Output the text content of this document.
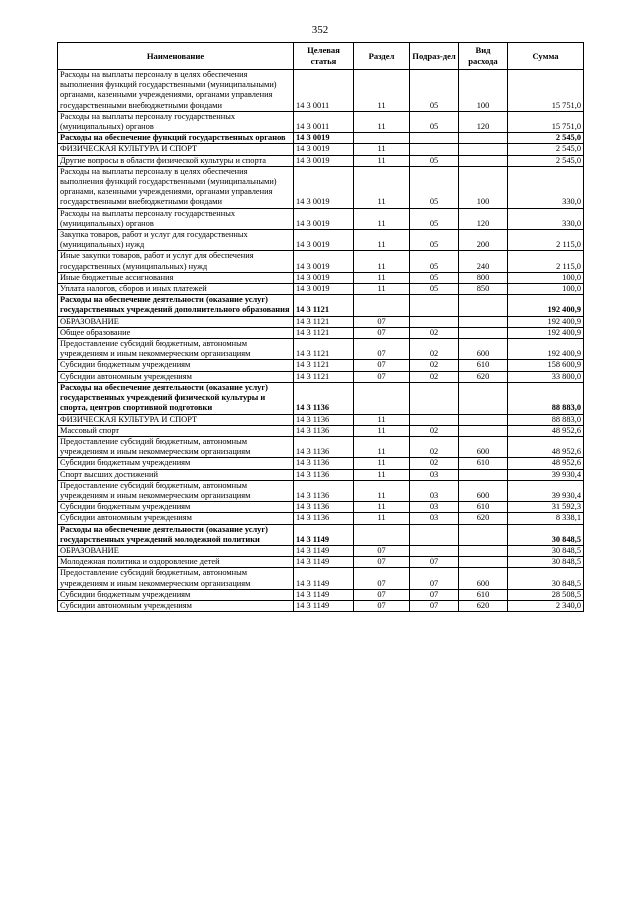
352
Наименование	Целевая статья	Раздел	Подраз-дел	Вид расхода	Сумма
Расходы на выплаты персоналу в целях обеспечения выполнения функций государственными (муниципальными) органами, казенными учреждениями, органами управления государственными внебюджетными фондами	14 3 0011	11	05	100	15 751,0
Расходы на выплаты персоналу государственных (муниципальных) органов	14 3 0011	11	05	120	15 751,0
Расходы на обеспечение функций государственных органов	14 3 0019				2 545,0
ФИЗИЧЕСКАЯ КУЛЬТУРА И СПОРТ	14 3 0019	11			2 545,0
Другие вопросы в области физической культуры и спорта	14 3 0019	11	05		2 545,0
Расходы на выплаты персоналу в целях обеспечения выполнения функций государственными (муниципальными) органами, казенными учреждениями, органами управления государственными внебюджетными фондами	14 3 0019	11	05	100	330,0
Расходы на выплаты персоналу государственных (муниципальных) органов	14 3 0019	11	05	120	330,0
Закупка товаров, работ и услуг для государственных (муниципальных) нужд	14 3 0019	11	05	200	2 115,0
Иные закупки товаров, работ и услуг для обеспечения государственных (муниципальных) нужд	14 3 0019	11	05	240	2 115,0
Иные бюджетные ассигнования	14 3 0019	11	05	800	100,0
Уплата налогов, сборов и иных платежей	14 3 0019	11	05	850	100,0
Расходы на обеспечение деятельности (оказание услуг) государственных учреждений дополнительного образования	14 3 1121				192 400,9
ОБРАЗОВАНИЕ	14 3 1121	07			192 400,9
Общее образование	14 3 1121	07	02		192 400,9
Предоставление субсидий бюджетным, автономным учреждениям и иным некоммерческим организациям	14 3 1121	07	02	600	192 400,9
Субсидии бюджетным учреждениям	14 3 1121	07	02	610	158 600,9
Субсидии автономным учреждениям	14 3 1121	07	02	620	33 800,0
Расходы на обеспечение деятельности (оказание услуг) государственных учреждений физической культуры и спорта, центров спортивной подготовки	14 3 1136				88 883,0
ФИЗИЧЕСКАЯ КУЛЬТУРА И СПОРТ	14 3 1136	11			88 883,0
Массовый спорт	14 3 1136	11	02		48 952,6
Предоставление субсидий бюджетным, автономным учреждениям и иным некоммерческим организациям	14 3 1136	11	02	600	48 952,6
Субсидии бюджетным учреждениям	14 3 1136	11	02	610	48 952,6
Спорт высших достижений	14 3 1136	11	03		39 930,4
Предоставление субсидий бюджетным, автономным учреждениям и иным некоммерческим организациям	14 3 1136	11	03	600	39 930,4
Субсидии бюджетным учреждениям	14 3 1136	11	03	610	31 592,3
Субсидии автономным учреждениям	14 3 1136	11	03	620	8 338,1
Расходы на обеспечение деятельности (оказание услуг) государственных учреждений молодежной политики	14 3 1149				30 848,5
ОБРАЗОВАНИЕ	14 3 1149	07			30 848,5
Молодежная политика и оздоровление детей	14 3 1149	07	07		30 848,5
Предоставление субсидий бюджетным, автономным учреждениям и иным некоммерческим организациям	14 3 1149	07	07	600	30 848,5
Субсидии бюджетным учреждениям	14 3 1149	07	07	610	28 508,5
Субсидии автономным учреждениям	14 3 1149	07	07	620	2 340,0
